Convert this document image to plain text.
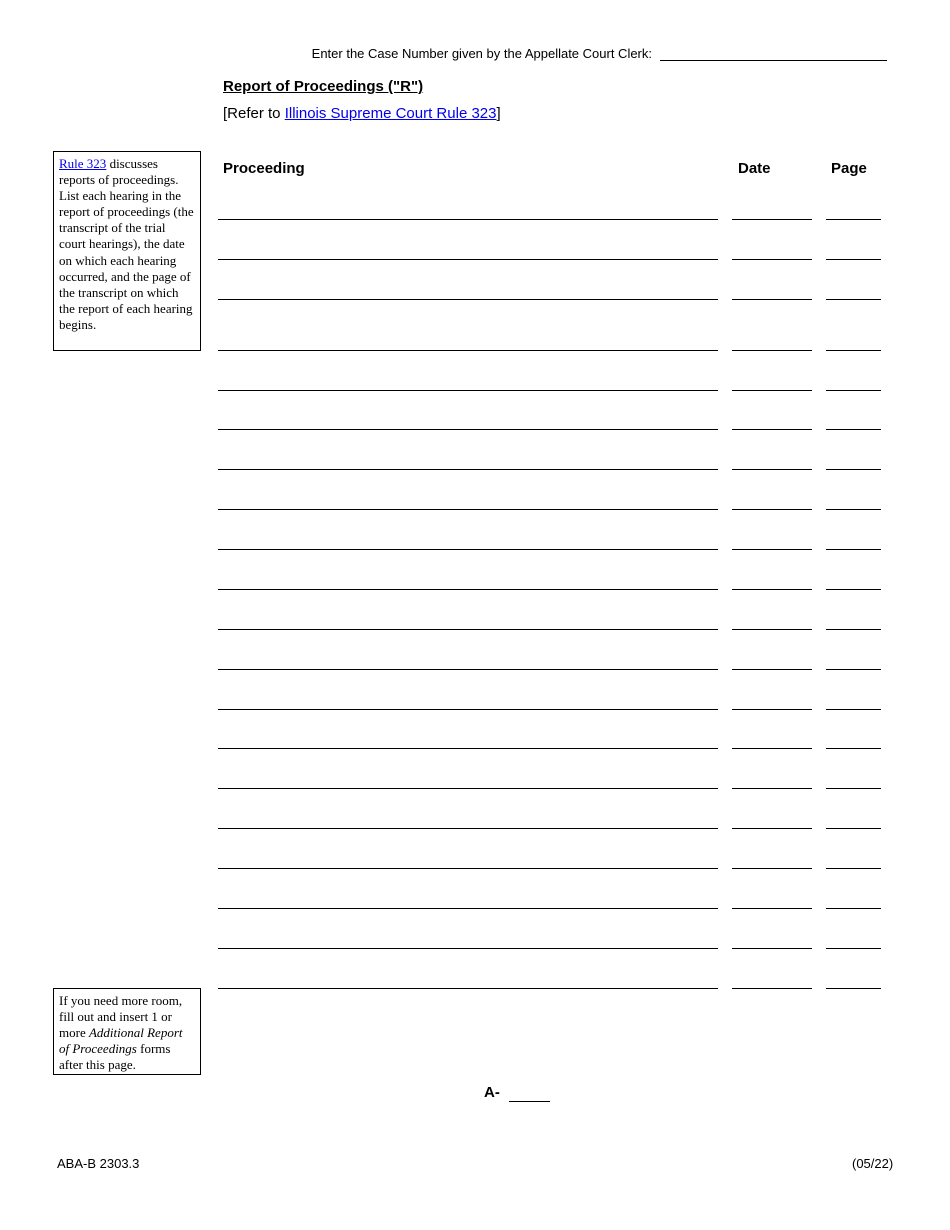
Enter the Case Number given by the Appellate Court Clerk:
Report of Proceedings ("R")
[Refer to Illinois Supreme Court Rule 323]
Rule 323 discusses reports of proceedings. List each hearing in the report of proceedings (the transcript of the trial court hearings), the date on which each hearing occurred, and the page of the transcript on which the report of each hearing begins.
Proceeding	Date	Page
If you need more room, fill out and insert 1 or more Additional Report of Proceedings forms after this page.
A-
ABA-B 2303.3	(05/22)
